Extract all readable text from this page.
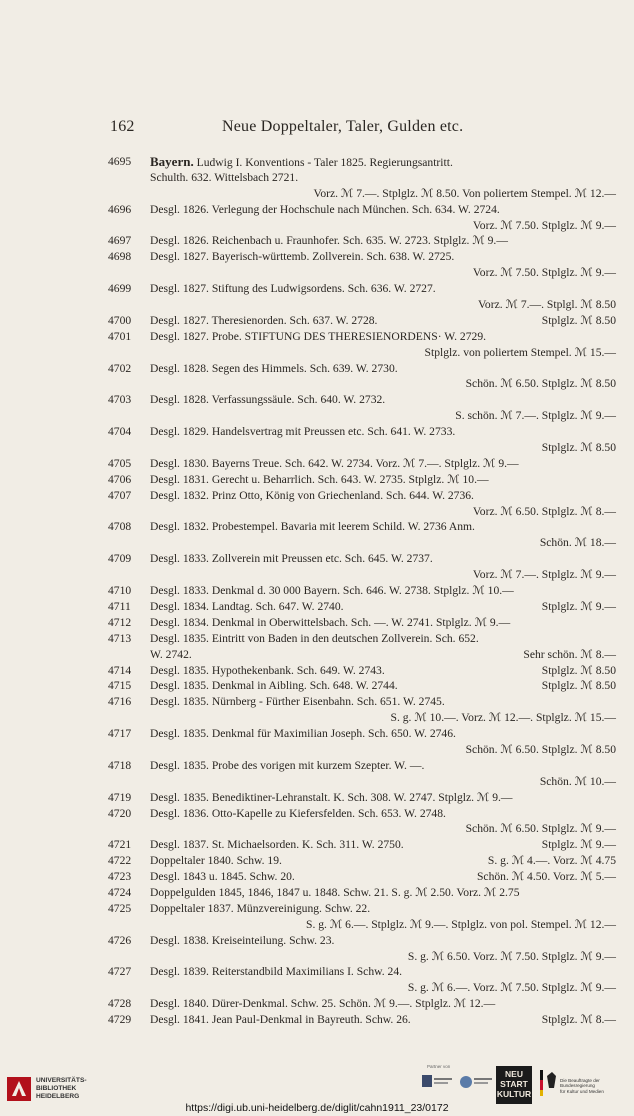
162	Neue Doppeltaler, Taler, Gulden etc.
4695 Bayern. Ludwig I. Konventions - Taler 1825. Regierungsantritt.
Schulth. 632. Wittelsbach 2721.
Vorz. ℳ 7.—. Stplglz. ℳ 8.50. Von poliertem Stempel. ℳ 12.—
4696 Desgl. 1826. Verlegung der Hochschule nach München. Sch. 634. W. 2724.
Vorz. ℳ 7.50. Stplglz. ℳ 9.—
4697 Desgl. 1826. Reichenbach u. Fraunhofer. Sch. 635. W. 2723. Stplglz. ℳ 9.—
4698 Desgl. 1827. Bayerisch-württemb. Zollverein. Sch. 638. W. 2725.
Vorz. ℳ 7.50. Stplglz. ℳ 9.—
4699 Desgl. 1827. Stiftung des Ludwigsordens. Sch. 636. W. 2727.
Vorz. ℳ 7.—. Stplgl. ℳ 8.50
4700 Desgl. 1827. Theresienorden. Sch. 637. W. 2728.	Stplglz. ℳ 8.50
4701 Desgl. 1827. Probe. STIFTUNG DES THERESIENORDENS· W. 2729.
Stplglz. von poliertem Stempel. ℳ 15.—
4702 Desgl. 1828. Segen des Himmels. Sch. 639. W. 2730.
Schön. ℳ 6.50. Stplglz. ℳ 8.50
4703 Desgl. 1828. Verfassungssäule. Sch. 640. W. 2732.
S. schön. ℳ 7.—. Stplglz. ℳ 9.—
4704 Desgl. 1829. Handelsvertrag mit Preussen etc. Sch. 641. W. 2733.
Stplglz. ℳ 8.50
4705 Desgl. 1830. Bayerns Treue. Sch. 642. W. 2734. Vorz. ℳ 7.—. Stplglz. ℳ 9.—
4706 Desgl. 1831. Gerecht u. Beharrlich. Sch. 643. W. 2735. Stplglz. ℳ 10.—
4707 Desgl. 1832. Prinz Otto, König von Griechenland. Sch. 644. W. 2736.
Vorz. ℳ 6.50. Stplglz. ℳ 8.—
4708 Desgl. 1832. Probestempel. Bavaria mit leerem Schild. W. 2736 Anm.
Schön. ℳ 18.—
4709 Desgl. 1833. Zollverein mit Preussen etc. Sch. 645. W. 2737.
Vorz. ℳ 7.—. Stplglz. ℳ 9.—
4710 Desgl. 1833. Denkmal d. 30 000 Bayern. Sch. 646. W. 2738. Stplglz. ℳ 10.—
4711 Desgl. 1834. Landtag. Sch. 647. W. 2740.	Stplglz. ℳ 9.—
4712 Desgl. 1834. Denkmal in Oberwittelsbach. Sch. —. W. 2741. Stplglz. ℳ 9.—
4713 Desgl. 1835. Eintritt von Baden in den deutschen Zollverein. Sch. 652.
W. 2742.	Sehr schön. ℳ 8.—
4714 Desgl. 1835. Hypothekenbank. Sch. 649. W. 2743.	Stplglz. ℳ 8.50
4715 Desgl. 1835. Denkmal in Aibling. Sch. 648. W. 2744.	Stplglz. ℳ 8.50
4716 Desgl. 1835. Nürnberg - Fürther Eisenbahn. Sch. 651. W. 2745.
S. g. ℳ 10.—. Vorz. ℳ 12.—. Stplglz. ℳ 15.—
4717 Desgl. 1835. Denkmal für Maximilian Joseph. Sch. 650. W. 2746.
Schön. ℳ 6.50. Stplglz. ℳ 8.50
4718 Desgl. 1835. Probe des vorigen mit kurzem Szepter. W. —.
Schön. ℳ 10.—
4719 Desgl. 1835. Benediktiner-Lehranstalt. K. Sch. 308. W. 2747. Stplglz. ℳ 9.—
4720 Desgl. 1836. Otto-Kapelle zu Kiefersfelden. Sch. 653. W. 2748.
Schön. ℳ 6.50. Stplglz. ℳ 9.—
4721 Desgl. 1837. St. Michaelsorden. K. Sch. 311. W. 2750.	Stplglz. ℳ 9.—
4722 Doppeltaler 1840. Schw. 19.	S. g. ℳ 4.—. Vorz. ℳ 4.75
4723 Desgl. 1843 u. 1845. Schw. 20.	Schön. ℳ 4.50. Vorz. ℳ 5.—
4724 Doppelgulden 1845, 1846, 1847 u. 1848. Schw. 21. S. g. ℳ 2.50. Vorz. ℳ 2.75
4725 Doppeltaler 1837. Münzvereinigung. Schw. 22.
S. g. ℳ 6.—. Stplglz. ℳ 9.—. Stplglz. von pol. Stempel. ℳ 12.—
4726 Desgl. 1838. Kreiseinteilung. Schw. 23.
S. g. ℳ 6.50. Vorz. ℳ 7.50. Stplglz. ℳ 9.—
4727 Desgl. 1839. Reiterstandbild Maximilians I. Schw. 24.
S. g. ℳ 6.—. Vorz. ℳ 7.50. Stplglz. ℳ 9.—
4728 Desgl. 1840. Dürer-Denkmal. Schw. 25. Schön. ℳ 9.—. Stplglz. ℳ 12.—
4729 Desgl. 1841. Jean Paul-Denkmal in Bayreuth. Schw. 26.	Stplglz. ℳ 8.—
UNIVERSITÄTS-
BIBLIOTHEK
HEIDELBERG
Partner von
NEU
START
KULTUR
Die Beauftragte der Bundesregierung
für Kultur und Medien
https://digi.ub.uni-heidelberg.de/diglit/cahn1911_23/0172
